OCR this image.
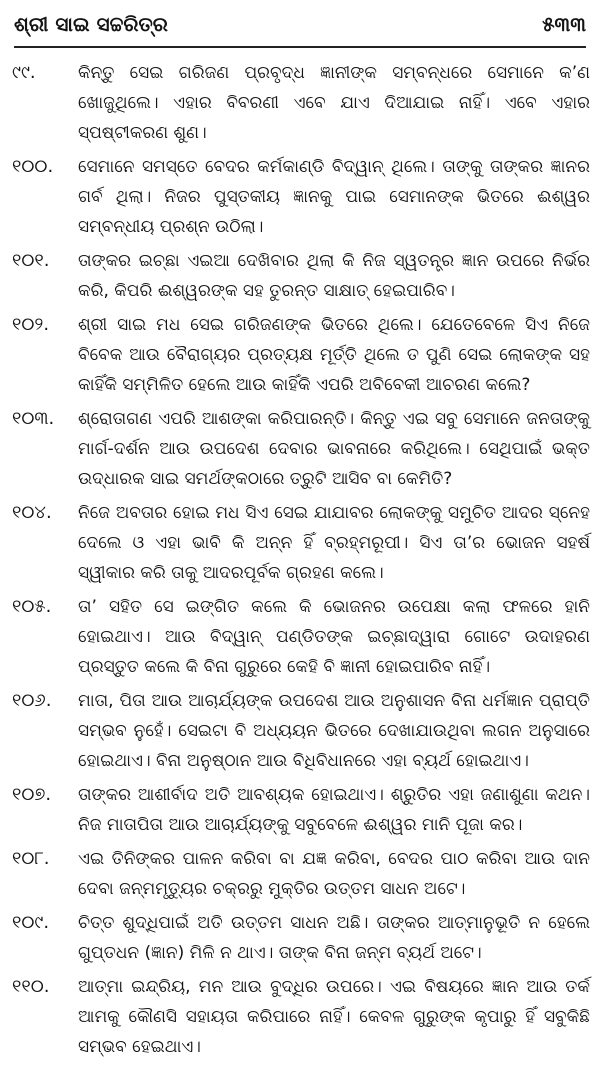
ଶ୍ରୀ ସାଇ ସଚ୍ଚରିତ୍ର	୫୩୩
୯୯.	କିନ୍ତୁ ସେଇ ଗରିଜଣ ପ୍ରବୃଦ୍ଧ ଜ୍ଞାନୀଙ୍କ ସମ୍ବନ୍ଧରେ ସେମାନେ କ’ଣ ଖୋଜୁଥିଲେ। ଏହାର ବିବରଣୀ ଏବେ ଯାଏ ଦିଆଯାଇ ନାହିଁ। ଏବେ ଏହାର ସ୍ପଷ୍ଟୀକରଣ ଶୁଣ।
୧୦୦.	ସେମାନେ ସମସ୍ତେ ବେଦର କର୍ମକାଣ୍ଡି ବିଦ୍ୱାନ୍ ଥିଲେ। ତାଙ୍କୁ ତାଙ୍କର ଜ୍ଞାନର ଗର୍ବ ଥିଲା। ନିଜର ପୁସ୍ତକୀୟ ଜ୍ଞାନକୁ ପାଇ ସେମାନଙ୍କ ଭିତରେ ଈଶ୍ୱର ସମ୍ବନ୍ଧୀୟ ପ୍ରଶ୍ନ ଉଠିଲା।
୧୦୧.	ତାଙ୍କର ଇଚ୍ଛା ଏଇଆ ଦେଖିବାର ଥିଲା କି ନିଜ ସ୍ୱତନ୍ତ୍ର ଜ୍ଞାନ ଉପରେ ନିର୍ଭର କରି, କିପରି ଈଶ୍ୱରଙ୍କ ସହ ତୁରନ୍ତ ସାକ୍ଷାତ୍ ହେଇପାରିବ।
୧୦୨.	ଶ୍ରୀ ସାଇ ମଧ ସେଇ ଗରିଜଣଙ୍କ ଭିତରେ ଥିଲେ। ଯେତେବେଳେ ସିଏ ନିଜେ ବିବେକ ଆଉ ବୈରାଗ୍ୟର ପ୍ରତ୍ୟକ୍ଷ ମୂର୍ତ୍ତି ଥିଲେ ତ ପୁଣି ସେଇ ଲୋକଙ୍କ ସହ କାହିଁକି ସମ୍ମିଳିତ ହେଲେ ଆଉ କାହିଁକି ଏପରି ଅବିବେକୀ ଆଚରଣ କଲେ?
୧୦୩.	ଶ୍ରୋତାଗଣ ଏପରି ଆଶଙ୍କା କରିପାରନ୍ତି। କିନ୍ତୁ ଏଇ ସବୁ ସେମାନେ ଜନତାଙ୍କୁ ମାର୍ଗ-ଦର୍ଶନ ଆଉ ଉପଦେଶ ଦେବାର ଭାବନାରେ କରିଥିଲେ। ସେଥିପାଇଁ ଭକ୍ତ ଉଦ୍ଧାରକ ସାଇ ସମର୍ଥଙ୍କଠାରେ ତ୍ରୁଟି ଆସିବ ବା କେମିତି?
୧୦୪.	ନିଜେ ଅବତାର ହୋଇ ମଧ ସିଏ ସେଇ ଯାଯାବର ଲୋକଙ୍କୁ ସମୁଚିତ ଆଦର ସ୍ନେହ ଦେଲେ ଓ ଏହା ଭାବି କି ଅନ୍ନ ହିଁ ବ୍ରହ୍ମରୂପୀ। ସିଏ ତା’ର ଭୋଜନ ସହର୍ଷ ସ୍ୱୀକାର କରି ତାକୁ ଆଦରପୂର୍ବକ ଗ୍ରହଣ କଲେ।
୧୦୫.	ତା’ ସହିତ ସେ ଇଙ୍ଗିତ କଲେ କି ଭୋଜନର ଉପେକ୍ଷା କଲା ଫଳରେ ହାନି ହୋଇଥାଏ। ଆଉ ବିଦ୍ୱାନ୍ ପଣ୍ଡିତଙ୍କ ଇଚ୍ଛାଦ୍ୱାରା ଗୋଟେ ଉଦାହରଣ ପ୍ରସ୍ତୁତ କଲେ କି ବିନା ଗୁରୁରେ କେହି ବି ଜ୍ଞାନୀ ହୋଇପାରିବ ନାହିଁ।
୧୦୬.	ମାତା, ପିତା ଆଉ ଆଚାର୍ଯ୍ୟଙ୍କ ଉପଦେଶ ଆଉ ଅନୁଶାସନ ବିନା ଧର୍ମଜ୍ଞାନ ପ୍ରାପ୍ତି ସମ୍ଭବ ନୁହେଁ। ସେଇଟା ବି ଅଧ୍ୟୟନ ଭିତରେ ଦେଖାଯାଉଥିବା ଲଗନ ଅନୁସାରେ ହୋଇଥାଏ। ବିନା ଅନୁଷ୍ଠାନ ଆଉ ବିଧିବିଧାନରେ ଏହା ବ୍ୟର୍ଥ ହୋଇଥାଏ।
୧୦୭.	ତାଙ୍କର ଆଶୀର୍ବାଦ ଅତି ଆବଶ୍ୟକ ହୋଇଥାଏ। ଶ୍ରୁତିର ଏହା ଜଣାଶୁଣା କଥନ। ନିଜ ମାତାପିତା ଆଉ ଆଚାର୍ଯ୍ୟଙ୍କୁ ସବୁବେଳେ ଈଶ୍ୱର ମାନି ପୂଜା କର।
୧୦୮.	ଏଇ ତିନିଙ୍କର ପାଳନ କରିବା ବା ଯଜ୍ଞ କରିବା, ବେଦର ପାଠ କରିବା ଆଉ ଦାନ ଦେବା ଜନ୍ମମୃତ୍ୟୁର ଚକ୍ରରୁ ମୁକ୍ତିର ଉତ୍ତମ ସାଧନ ଅଟେ।
୧୦୯.	ଚିତ୍ତ ଶୁଦ୍ଧିପାଇଁ ଅତି ଉତ୍ତମ ସାଧନ ଅଛି। ତାଙ୍କର ଆତ୍ମାନୁଭୂତି ନ ହେଲେ ଗୁପ୍ତଧନ (ଜ୍ଞାନ) ମିଳି ନ ଥାଏ। ତାଙ୍କ ବିନା ଜନ୍ମ ବ୍ୟର୍ଥ ଅଟେ।
୧୧୦.	ଆତ୍ମା ଇନ୍ଦ୍ରିୟ, ମନ ଆଉ ବୁଦ୍ଧିର ଉପରେ। ଏଇ ବିଷୟରେ ଜ୍ଞାନ ଆଉ ତର୍କ ଆମକୁ କୌଣସି ସହାୟତା କରିପାରେ ନାହିଁ। କେବଳ ଗୁରୁଙ୍କ କୃପାରୁ ହିଁ ସବୁକିଛି ସମ୍ଭବ ହେଇଥାଏ।
